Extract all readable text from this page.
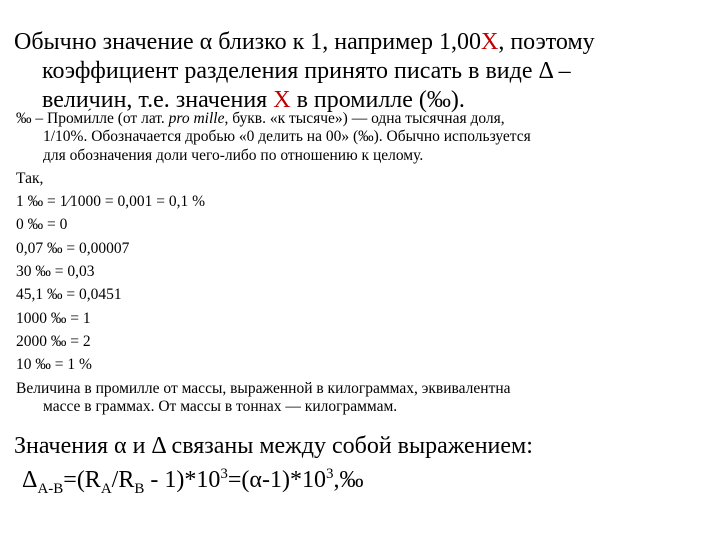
Обычно значение α близко к 1, например 1,00X, поэтому
коэффициент разделения принято писать в виде Δ –
величин, т.е. значения X в промилле (‰).
‰ – Проми́лле (от лат. pro mille, букв. «к тысяче») — одна тысячная доля,
1/10%. Обозначается дробью «0 делить на 00» (‰). Обычно используется
для обозначения доли чего-либо по отношению к целому.
Так,
1 ‰ = 1⁄1000 = 0,001 = 0,1 %
0 ‰ = 0
0,07 ‰ = 0,00007
30 ‰ = 0,03
45,1 ‰ = 0,0451
1000 ‰ = 1
2000 ‰ = 2
10 ‰ = 1 %
Величина в промилле от массы, выраженной в килограммах, эквивалентна
массе в граммах. От массы в тоннах — килограммам.
Значения α и Δ связаны между собой выражением:
$\Delta_{A-B}=(R_A/R_B$ - $1)*10^3=(\alpha-1)*10^3,‰$
